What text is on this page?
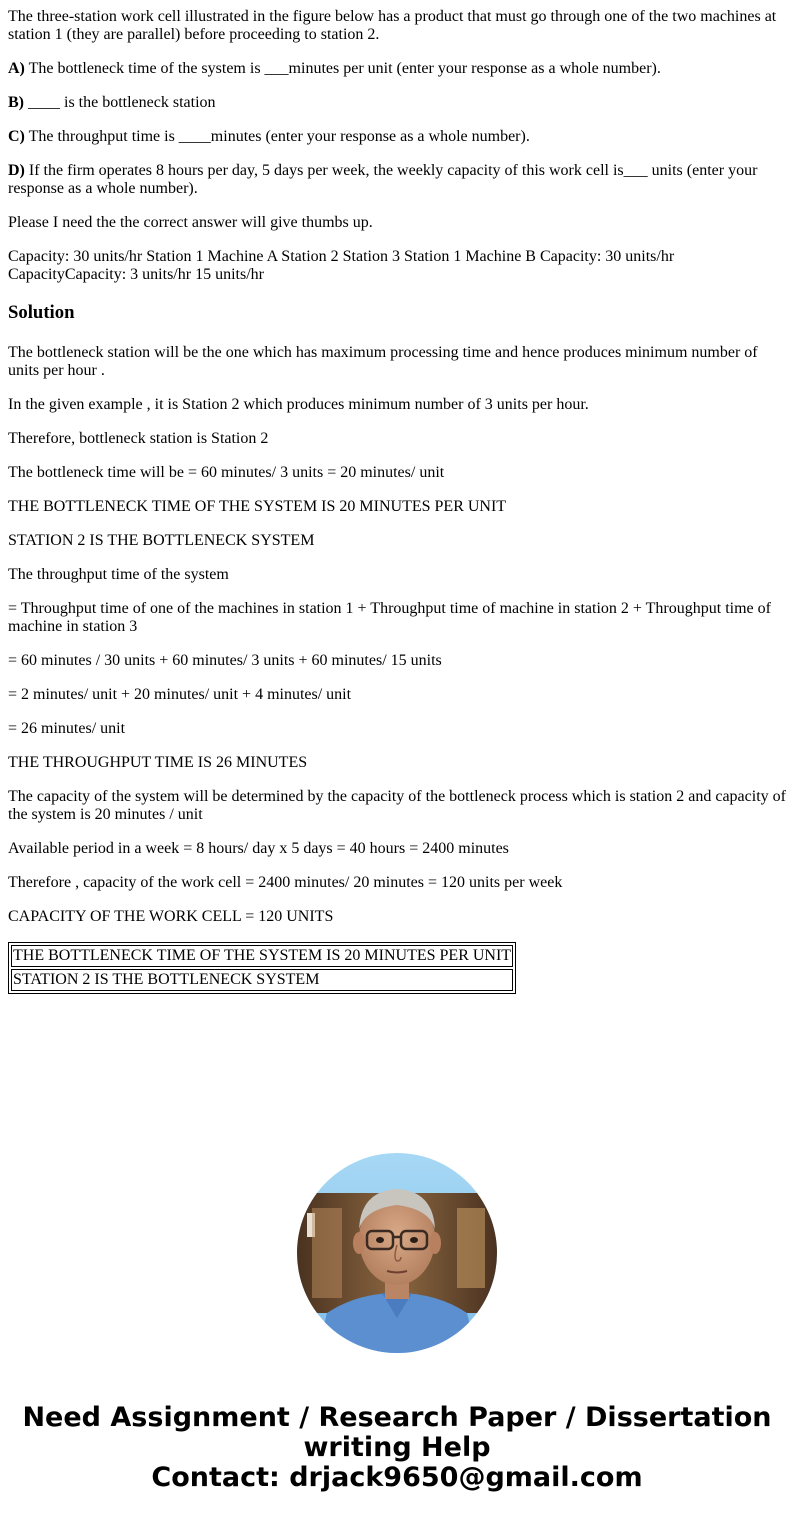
The three-station work cell illustrated in the figure below has a product that must go through one of the two machines at station 1 (they are parallel) before proceeding to station 2.

A) The bottleneck time of the system is ___minutes per unit (enter your response as a whole number).

B) ____ is the bottleneck station

C) The throughput time is ____minutes (enter your response as a whole number).

D) If the firm operates 8 hours per day, 5 days per week, the weekly capacity of this work cell is___ units (enter your response as a whole number).

Please I need the the correct answer will give thumbs up.

Capacity: 30 units/hr Station 1 Machine A Station 2 Station 3 Station 1 Machine B Capacity: 30 units/hr CapacityCapacity: 3 units/hr 15 units/hr

Solution

The bottleneck station will be the one which has maximum processing time and hence produces minimum number of units per hour .

In the given example , it is Station 2 which produces minimum number of 3 units per hour.

Therefore, bottleneck station is Station 2

The bottleneck time will be = 60 minutes/ 3 units = 20 minutes/ unit

THE BOTTLENECK TIME OF THE SYSTEM IS 20 MINUTES PER UNIT

STATION 2 IS THE BOTTLENECK SYSTEM

The throughput time of the system

= Throughput time of one of the machines in station 1 + Throughput time of machine in station 2 + Throughput time of machine in station 3

= 60 minutes / 30 units + 60 minutes/ 3 units + 60 minutes/ 15 units

= 2 minutes/ unit + 20 minutes/ unit + 4 minutes/ unit

= 26 minutes/ unit

THE THROUGHPUT TIME IS 26 MINUTES

The capacity of the system will be determined by the capacity of the bottleneck process which is station 2 and capacity of the system is 20 minutes / unit

Available period in a week = 8 hours/ day x 5 days = 40 hours = 2400 minutes

Therefore , capacity of the work cell = 2400 minutes/ 20 minutes = 120 units per week

CAPACITY OF THE WORK CELL = 120 UNITS

THE BOTTLENECK TIME OF THE SYSTEM IS 20 MINUTES PER UNIT
STATION 2 IS THE BOTTLENECK SYSTEM
Need Assignment / Research Paper / Dissertation
writing Help
Contact: drjack9650@gmail.com
